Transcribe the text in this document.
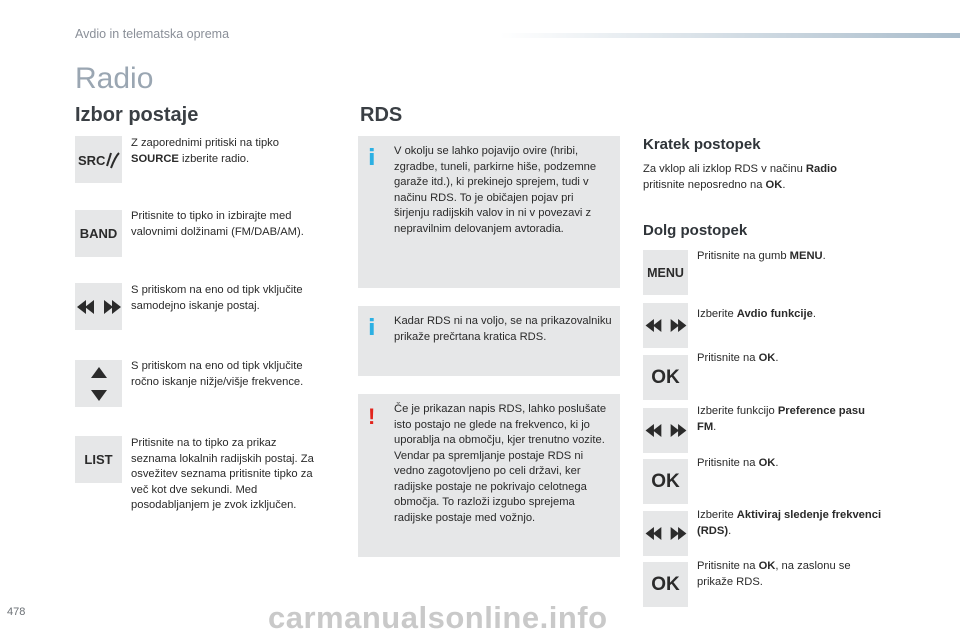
Avdio in telematska oprema
Radio
Izbor postaje
SRC
Z zaporednimi pritiski na tipko SOURCE izberite radio.
BAND
Pritisnite to tipko in izbirajte med valovnimi dolžinami (FM/DAB/AM).
S pritiskom na eno od tipk vključite samodejno iskanje postaj.
S pritiskom na eno od tipk vključite ročno iskanje nižje/višje frekvence.
LIST
Pritisnite na to tipko za prikaz seznama lokalnih radijskih postaj. Za osvežitev seznama pritisnite tipko za več kot dve sekundi. Med posodabljanjem je zvok izključen.
RDS
i V okolju se lahko pojavijo ovire (hribi, zgradbe, tuneli, parkirne hiše, podzemne garaže itd.), ki prekinejo sprejem, tudi v načinu RDS. To je običajen pojav pri širjenju radijskih valov in ni v povezavi z nepravilnim delovanjem avtoradia.
i Kadar RDS ni na voljo, se na prikazovalniku prikaže prečrtana kratica RDS.
! Če je prikazan napis RDS, lahko poslušate isto postajo ne glede na frekvenco, ki jo uporablja na območju, kjer trenutno vozite. Vendar pa spremljanje postaje RDS ni vedno zagotovljeno po celi državi, ker radijske postaje ne pokrivajo celotnega območja. To razloži izgubo sprejema radijske postaje med vožnjo.
Kratek postopek
Za vklop ali izklop RDS v načinu Radio pritisnite neposredno na OK.
Dolg postopek
MENU
Pritisnite na gumb MENU.
Izberite Avdio funkcije.
OK
Pritisnite na OK.
Izberite funkcijo Preference pasu FM.
OK
Pritisnite na OK.
Izberite Aktiviraj sledenje frekvenci (RDS).
OK
Pritisnite na OK, na zaslonu se prikaže RDS.
478	carmanualsonline.info
